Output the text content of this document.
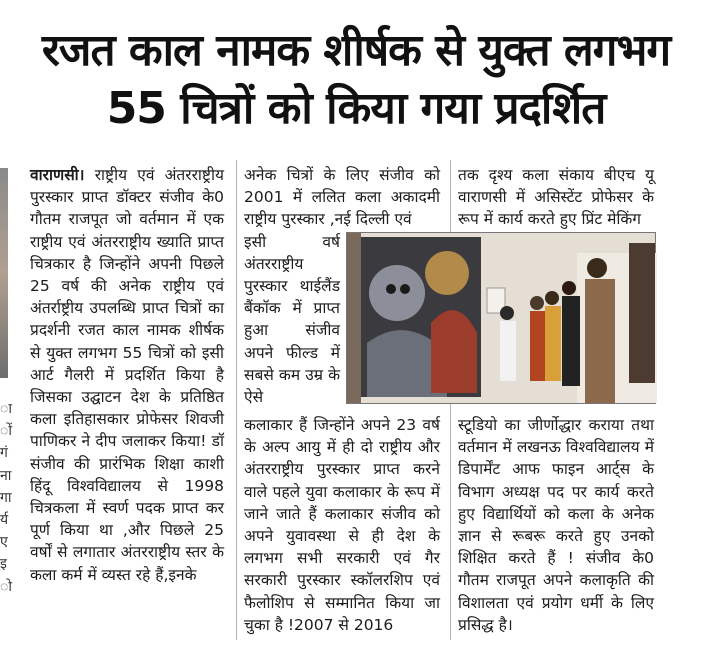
रजत काल नामक शीर्षक से युक्त लगभग
55 चित्रों को किया गया प्रदर्शित
ा ों गं ना गा र्य ए इ ो

वाराणसी। राष्ट्रीय एवं अंतरराष्ट्रीय पुरस्कार प्राप्त डॉक्टर संजीव के0 गौतम राजपूत जो वर्तमान में एक राष्ट्रीय एवं अंतरराष्ट्रीय ख्याति प्राप्त चित्रकार है जिन्होंने अपनी पिछले 25 वर्ष की अनेक राष्ट्रीय एवं अंतर्राष्ट्रीय उपलब्धि प्राप्त चित्रों का प्रदर्शनी रजत काल नामक शीर्षक से युक्त लगभग 55 चित्रों को इसी आर्ट गैलरी में प्रदर्शित किया है जिसका उद्घाटन देश के प्रतिष्ठित कला इतिहासकार प्रोफेसर शिवजी पाणिकर ने दीप जलाकर किया! डॉ संजीव की प्रारंभिक शिक्षा काशी हिंदू विश्वविद्यालय से 1998 चित्रकला में स्वर्ण पदक प्राप्त कर पूर्ण किया था ,और पिछले 25 वर्षों से लगातार अंतरराष्ट्रीय स्तर के कला कर्म में व्यस्त रहे हैं,इनके

अनेक चित्रों के लिए संजीव को 2001 में ललित कला अकादमी राष्ट्रीय पुरस्कार ,नई दिल्ली एवं

इसी वर्ष अंतरराष्ट्रीय पुरस्कार थाईलैंड बैंकॉक में प्राप्त हुआ संजीव अपने फील्ड में सबसे कम उम्र के ऐसे

तक दृश्य कला संकाय बीएच यू वाराणसी में असिस्टेंट प्रोफेसर के रूप में कार्य करते हुए प्रिंट मेकिंग

कलाकार हैं जिन्होंने अपने 23 वर्ष के अल्प आयु में ही दो राष्ट्रीय और अंतरराष्ट्रीय पुरस्कार प्राप्त करने वाले पहले युवा कलाकार के रूप में जाने जाते हैं कलाकार संजीव को अपने युवावस्था से ही देश के लगभग सभी सरकारी एवं गैर सरकारी पुरस्कार स्कॉलरशिप एवं फैलोशिप से सम्मानित किया जा चुका है !2007 से 2016

स्टूडियो का जीर्णोद्धार कराया तथा वर्तमान में लखनऊ विश्वविद्यालय में डिपार्मेंट आफ फाइन आर्ट्स के विभाग अध्यक्ष पद पर कार्य करते हुए विद्यार्थियों को कला के अनेक ज्ञान से रूबरू करते हुए उनको शिक्षित करते हैं ! संजीव के0 गौतम राजपूत अपने कलाकृति की विशालता एवं प्रयोग धर्मी के लिए प्रसिद्ध है।
